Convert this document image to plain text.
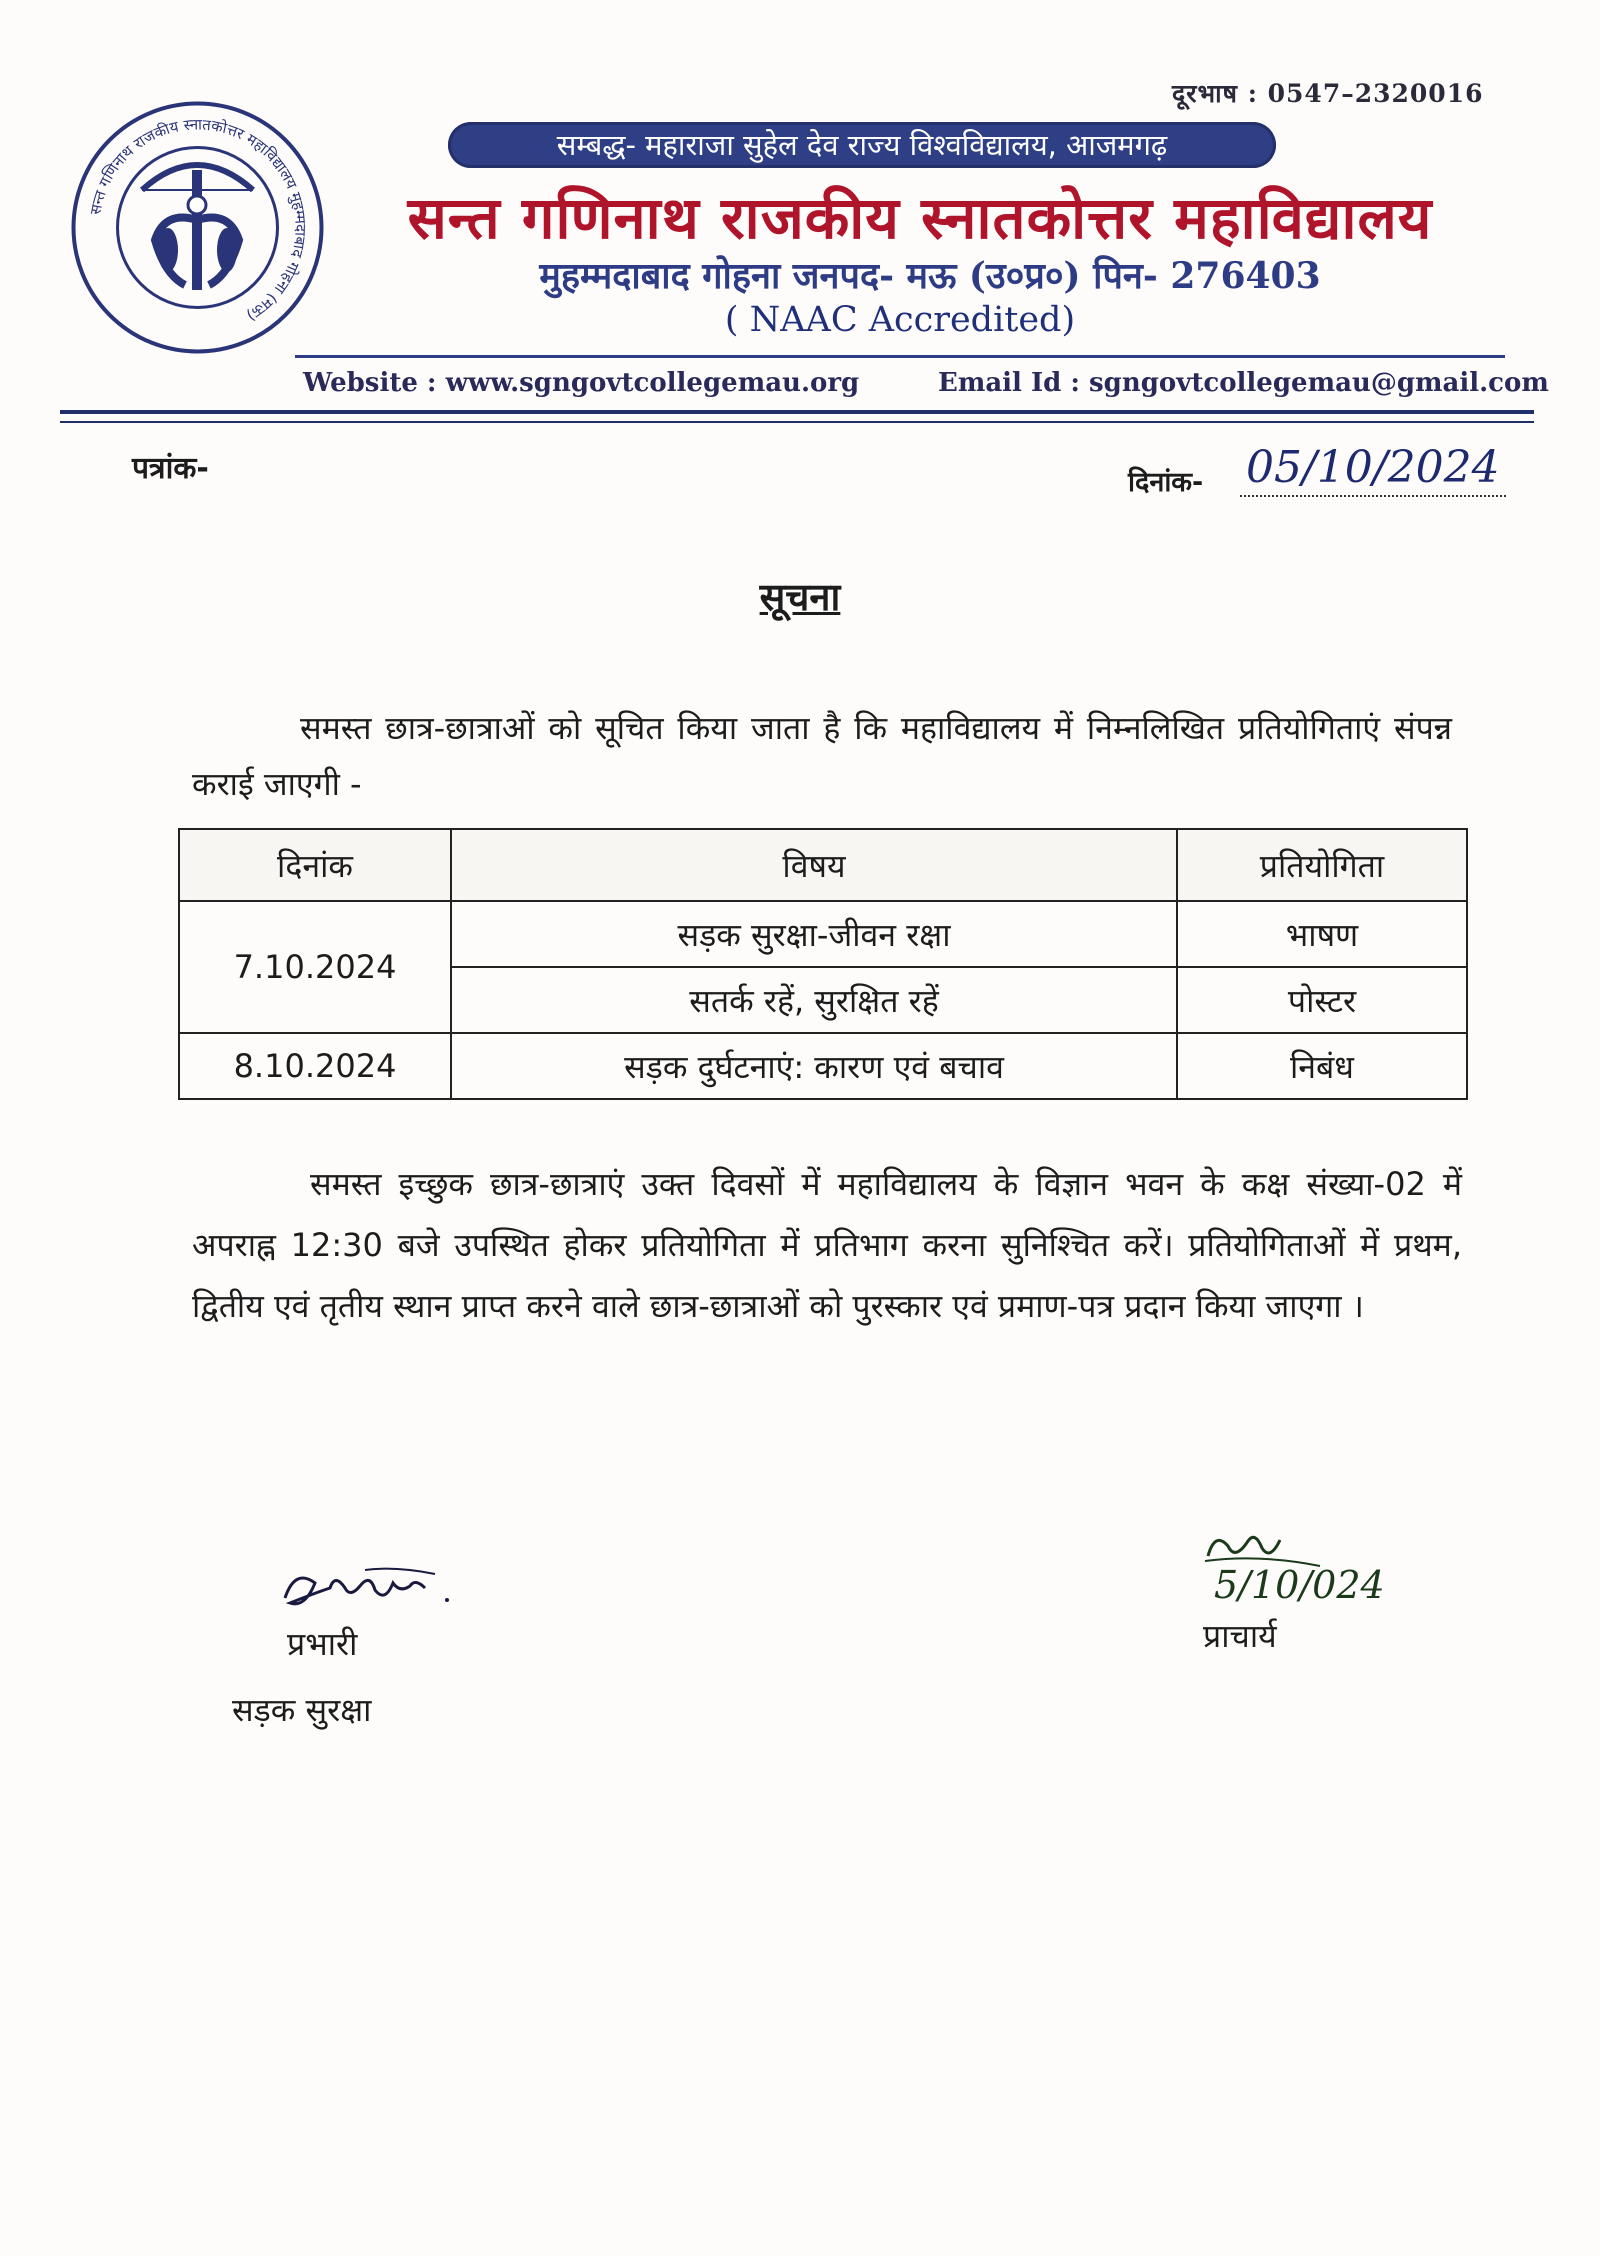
दूरभाष : 0547–2320016
सन्त गणिनाथ राजकीय स्नातकोत्तर महाविद्यालय मुहम्मदाबाद गोहना (मऊ)
सम्बद्ध- महाराजा सुहेल देव राज्य विश्वविद्यालय, आजमगढ़
सन्त गणिनाथ राजकीय स्नातकोत्तर महाविद्यालय
मुहम्मदाबाद गोहना जनपद- मऊ (उ०प्र०) पिन- 276403
( NAAC Accredited)
Website : www.sgngovtcollegemau.org	Email Id : sgngovtcollegemau@gmail.com
पत्रांक-	दिनांक- 05/10/2024
सूचना
समस्त छात्र-छात्राओं को सूचित किया जाता है कि महाविद्यालय में निम्नलिखित प्रतियोगिताएं संपन्न कराई जाएगी -
दिनांक	विषय	प्रतियोगिता
7.10.2024	सड़क सुरक्षा-जीवन रक्षा	भाषण
	सतर्क रहें, सुरक्षित रहें	पोस्टर
8.10.2024	सड़क दुर्घटनाएं: कारण एवं बचाव	निबंध
समस्त इच्छुक छात्र-छात्राएं उक्त दिवसों में महाविद्यालय के विज्ञान भवन के कक्ष संख्या-02 में अपराह्न 12:30 बजे उपस्थित होकर प्रतियोगिता में प्रतिभाग करना सुनिश्चित करें। प्रतियोगिताओं में प्रथम, द्वितीय एवं तृतीय स्थान प्राप्त करने वाले छात्र-छात्राओं को पुरस्कार एवं प्रमाण-पत्र प्रदान किया जाएगा ।
प्रभारी
सड़क सुरक्षा
5/10/024
प्राचार्य
